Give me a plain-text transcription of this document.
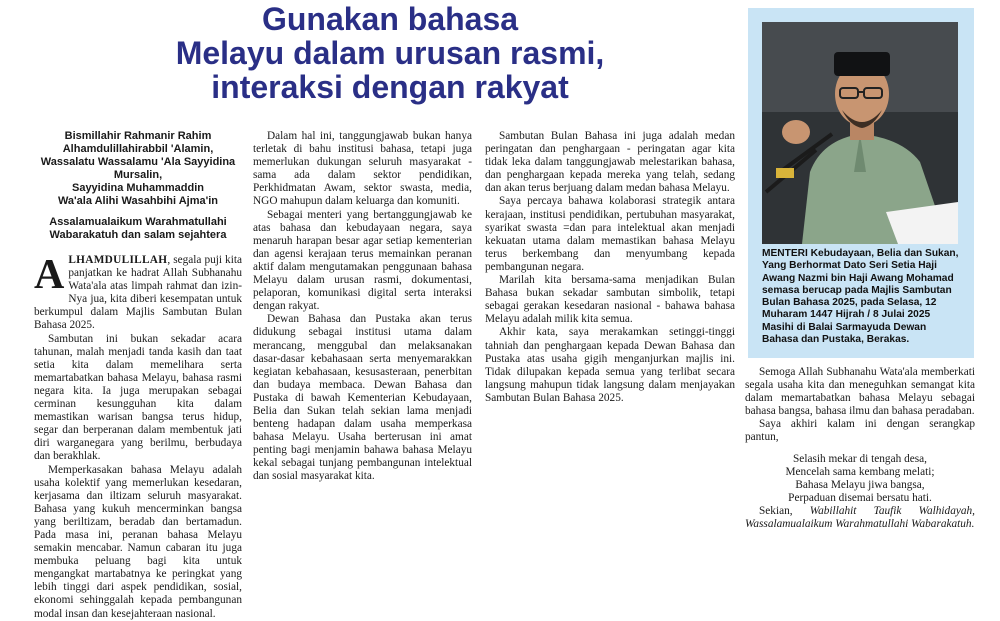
Gunakan bahasa
Melayu dalam urusan rasmi,
interaksi dengan rakyat
Bismillahir Rahmanir Rahim
Alhamdulillahirabbil 'Alamin,
Wassalatu Wassalamu 'Ala Sayyidina
Mursalin,
Sayyidina Muhammaddin
Wa'ala Alihi Wasahbihi Ajma'in
Assalamualaikum Warahmatullahi
Wabarakatuh dan salam sejahtera

ALHAMDULILLAH, segala puji kita panjatkan ke hadrat Allah Subhanahu Wata'ala atas limpah rahmat dan izin-Nya jua, kita diberi kesempatan untuk berkumpul dalam Majlis Sambutan Bulan Bahasa 2025.

Sambutan ini bukan sekadar acara tahunan, malah menjadi tanda kasih dan taat setia kita dalam memelihara serta memartabatkan bahasa Melayu, bahasa rasmi negara kita. Ia juga merupakan sebagai cerminan kesungguhan kita dalam memastikan warisan bangsa terus hidup, segar dan berperanan dalam membentuk jati diri warganegara yang berilmu, berbudaya dan berakhlak.

Memperkasakan bahasa Melayu adalah usaha kolektif yang memerlukan kesedaran, kerjasama dan iltizam seluruh masyarakat. Bahasa yang kukuh mencerminkan bangsa yang beriltizam, beradab dan bertamadun. Pada masa ini, peranan bahasa Melayu semakin mencabar. Namun cabaran itu juga membuka peluang bagi kita untuk mengangkat martabatnya ke peringkat yang lebih tinggi dari aspek pendidikan, sosial, ekonomi sehinggalah kepada pembangunan modal insan dan kesejahteraan nasional.

Dalam hal ini, tanggungjawab bukan hanya terletak di bahu institusi bahasa, tetapi juga memerlukan dukungan seluruh masyarakat - sama ada dalam sektor pendidikan, Perkhidmatan Awam, sektor swasta, media, NGO mahupun dalam keluarga dan komuniti.

Sebagai menteri yang bertanggungjawab ke atas bahasa dan kebudayaan negara, saya menaruh harapan besar agar setiap kementerian dan agensi kerajaan terus memainkan peranan aktif dalam mengutamakan penggunaan bahasa Melayu dalam urusan rasmi, dokumentasi, pelaporan, komunikasi digital serta interaksi dengan rakyat.

Dewan Bahasa dan Pustaka akan terus didukung sebagai institusi utama dalam merancang, menggubal dan melaksanakan dasar-dasar kebahasaan serta menyemarakkan kegiatan kebahasaan, kesusasteraan, penerbitan dan budaya membaca. Dewan Bahasa dan Pustaka di bawah Kementerian Kebudayaan, Belia dan Sukan telah sekian lama menjadi benteng hadapan dalam usaha memperkasa bahasa Melayu. Usaha berterusan ini amat penting bagi menjamin bahawa bahasa Melayu kekal sebagai tunjang pembangunan intelektual dan sosial masyarakat kita.

Sambutan Bulan Bahasa ini juga adalah medan peringatan dan penghargaan - peringatan agar kita tidak leka dalam tanggungjawab melestarikan bahasa, dan penghargaan kepada mereka yang telah, sedang dan akan terus berjuang dalam medan bahasa Melayu.

Saya percaya bahawa kolaborasi strategik antara kerajaan, institusi pendidikan, pertubuhan masyarakat, syarikat swasta =dan para intelektual akan menjadi kekuatan utama dalam memastikan bahasa Melayu terus berkembang dan menyumbang kepada pembangunan negara.

Marilah kita bersama-sama menjadikan Bulan Bahasa bukan sekadar sambutan simbolik, tetapi sebagai gerakan kesedaran nasional - bahawa bahasa Melayu adalah milik kita semua.

Akhir kata, saya merakamkan setinggi-tinggi tahniah dan penghargaan kepada Dewan Bahasa dan Pustaka atas usaha gigih menganjurkan majlis ini. Tidak dilupakan kepada semua yang terlibat secara langsung mahupun tidak langsung dalam menjayakan Sambutan Bulan Bahasa 2025.

MENTERI Kebudayaan, Belia dan Sukan, Yang Berhormat Dato Seri Setia Haji Awang Nazmi bin Haji Awang Mohamad semasa berucap pada Majlis Sambutan Bulan Bahasa 2025, pada Selasa, 12 Muharam 1447 Hijrah / 8 Julai 2025 Masihi di Balai Sarmayuda Dewan Bahasa dan Pustaka, Berakas.

Semoga Allah Subhanahu Wata'ala memberkati segala usaha kita dan meneguhkan semangat kita dalam memartabatkan bahasa Melayu sebagai bahasa bangsa, bahasa ilmu dan bahasa peradaban.

Saya akhiri kalam ini dengan serangkap pantun,

Selasih mekar di tengah desa,
Mencelah sama kembang melati;
Bahasa Melayu jiwa bangsa,
Perpaduan disemai bersatu hati.

Sekian, Wabillahit Taufik Walhidayah, Wassalamualaikum Warahmatullahi Wabarakatuh.
